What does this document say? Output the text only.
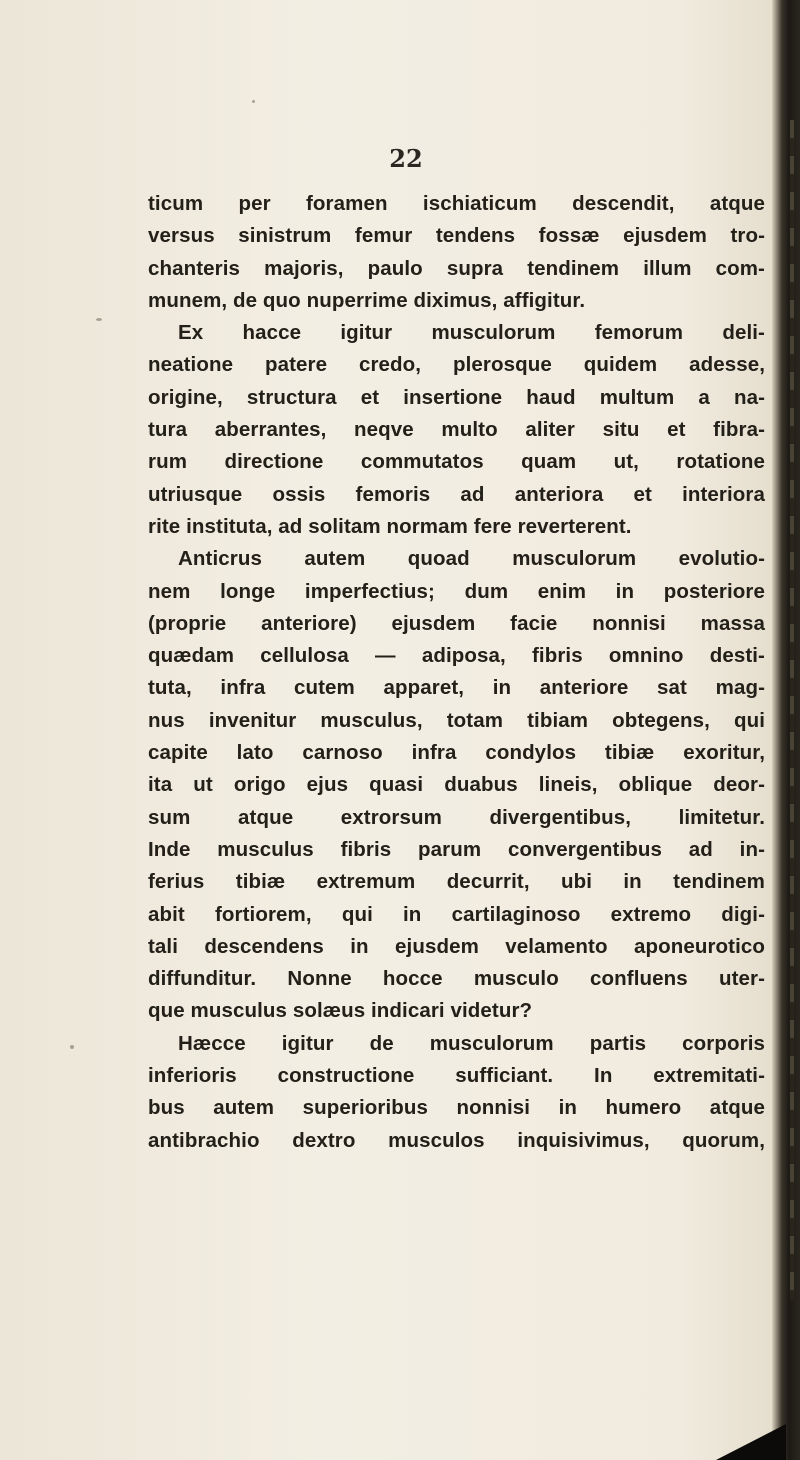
22
ticum per foramen ischiaticum descendit, atque
versus sinistrum femur tendens fossæ ejusdem tro-
chanteris majoris, paulo supra tendinem illum com-
munem, de quo nuperrime diximus, affigitur.
Ex hacce igitur musculorum femorum deli-
neatione patere credo, plerosque quidem adesse,
origine, structura et insertione haud multum a na-
tura aberrantes, neqve multo aliter situ et fibra-
rum directione commutatos quam ut, rotatione
utriusque ossis femoris ad anteriora et interiora
rite instituta, ad solitam normam fere reverterent.
Anticrus autem quoad musculorum evolutio-
nem longe imperfectius; dum enim in posteriore
(proprie anteriore) ejusdem facie nonnisi massa
quædam cellulosa — adiposa, fibris omnino desti-
tuta, infra cutem apparet, in anteriore sat mag-
nus invenitur musculus, totam tibiam obtegens, qui
capite lato carnoso infra condylos tibiæ exoritur,
ita ut origo ejus quasi duabus lineis, oblique deor-
sum atque extrorsum divergentibus, limitetur.
Inde musculus fibris parum convergentibus ad in-
ferius tibiæ extremum decurrit, ubi in tendinem
abit fortiorem, qui in cartilaginoso extremo digi-
tali descendens in ejusdem velamento aponeurotico
diffunditur. Nonne hocce musculo confluens uter-
que musculus solæus indicari videtur?
Hæcce igitur de musculorum partis corporis
inferioris constructione sufficiant. In extremitati-
bus autem superioribus nonnisi in humero atque
antibrachio dextro musculos inquisivimus, quorum,
